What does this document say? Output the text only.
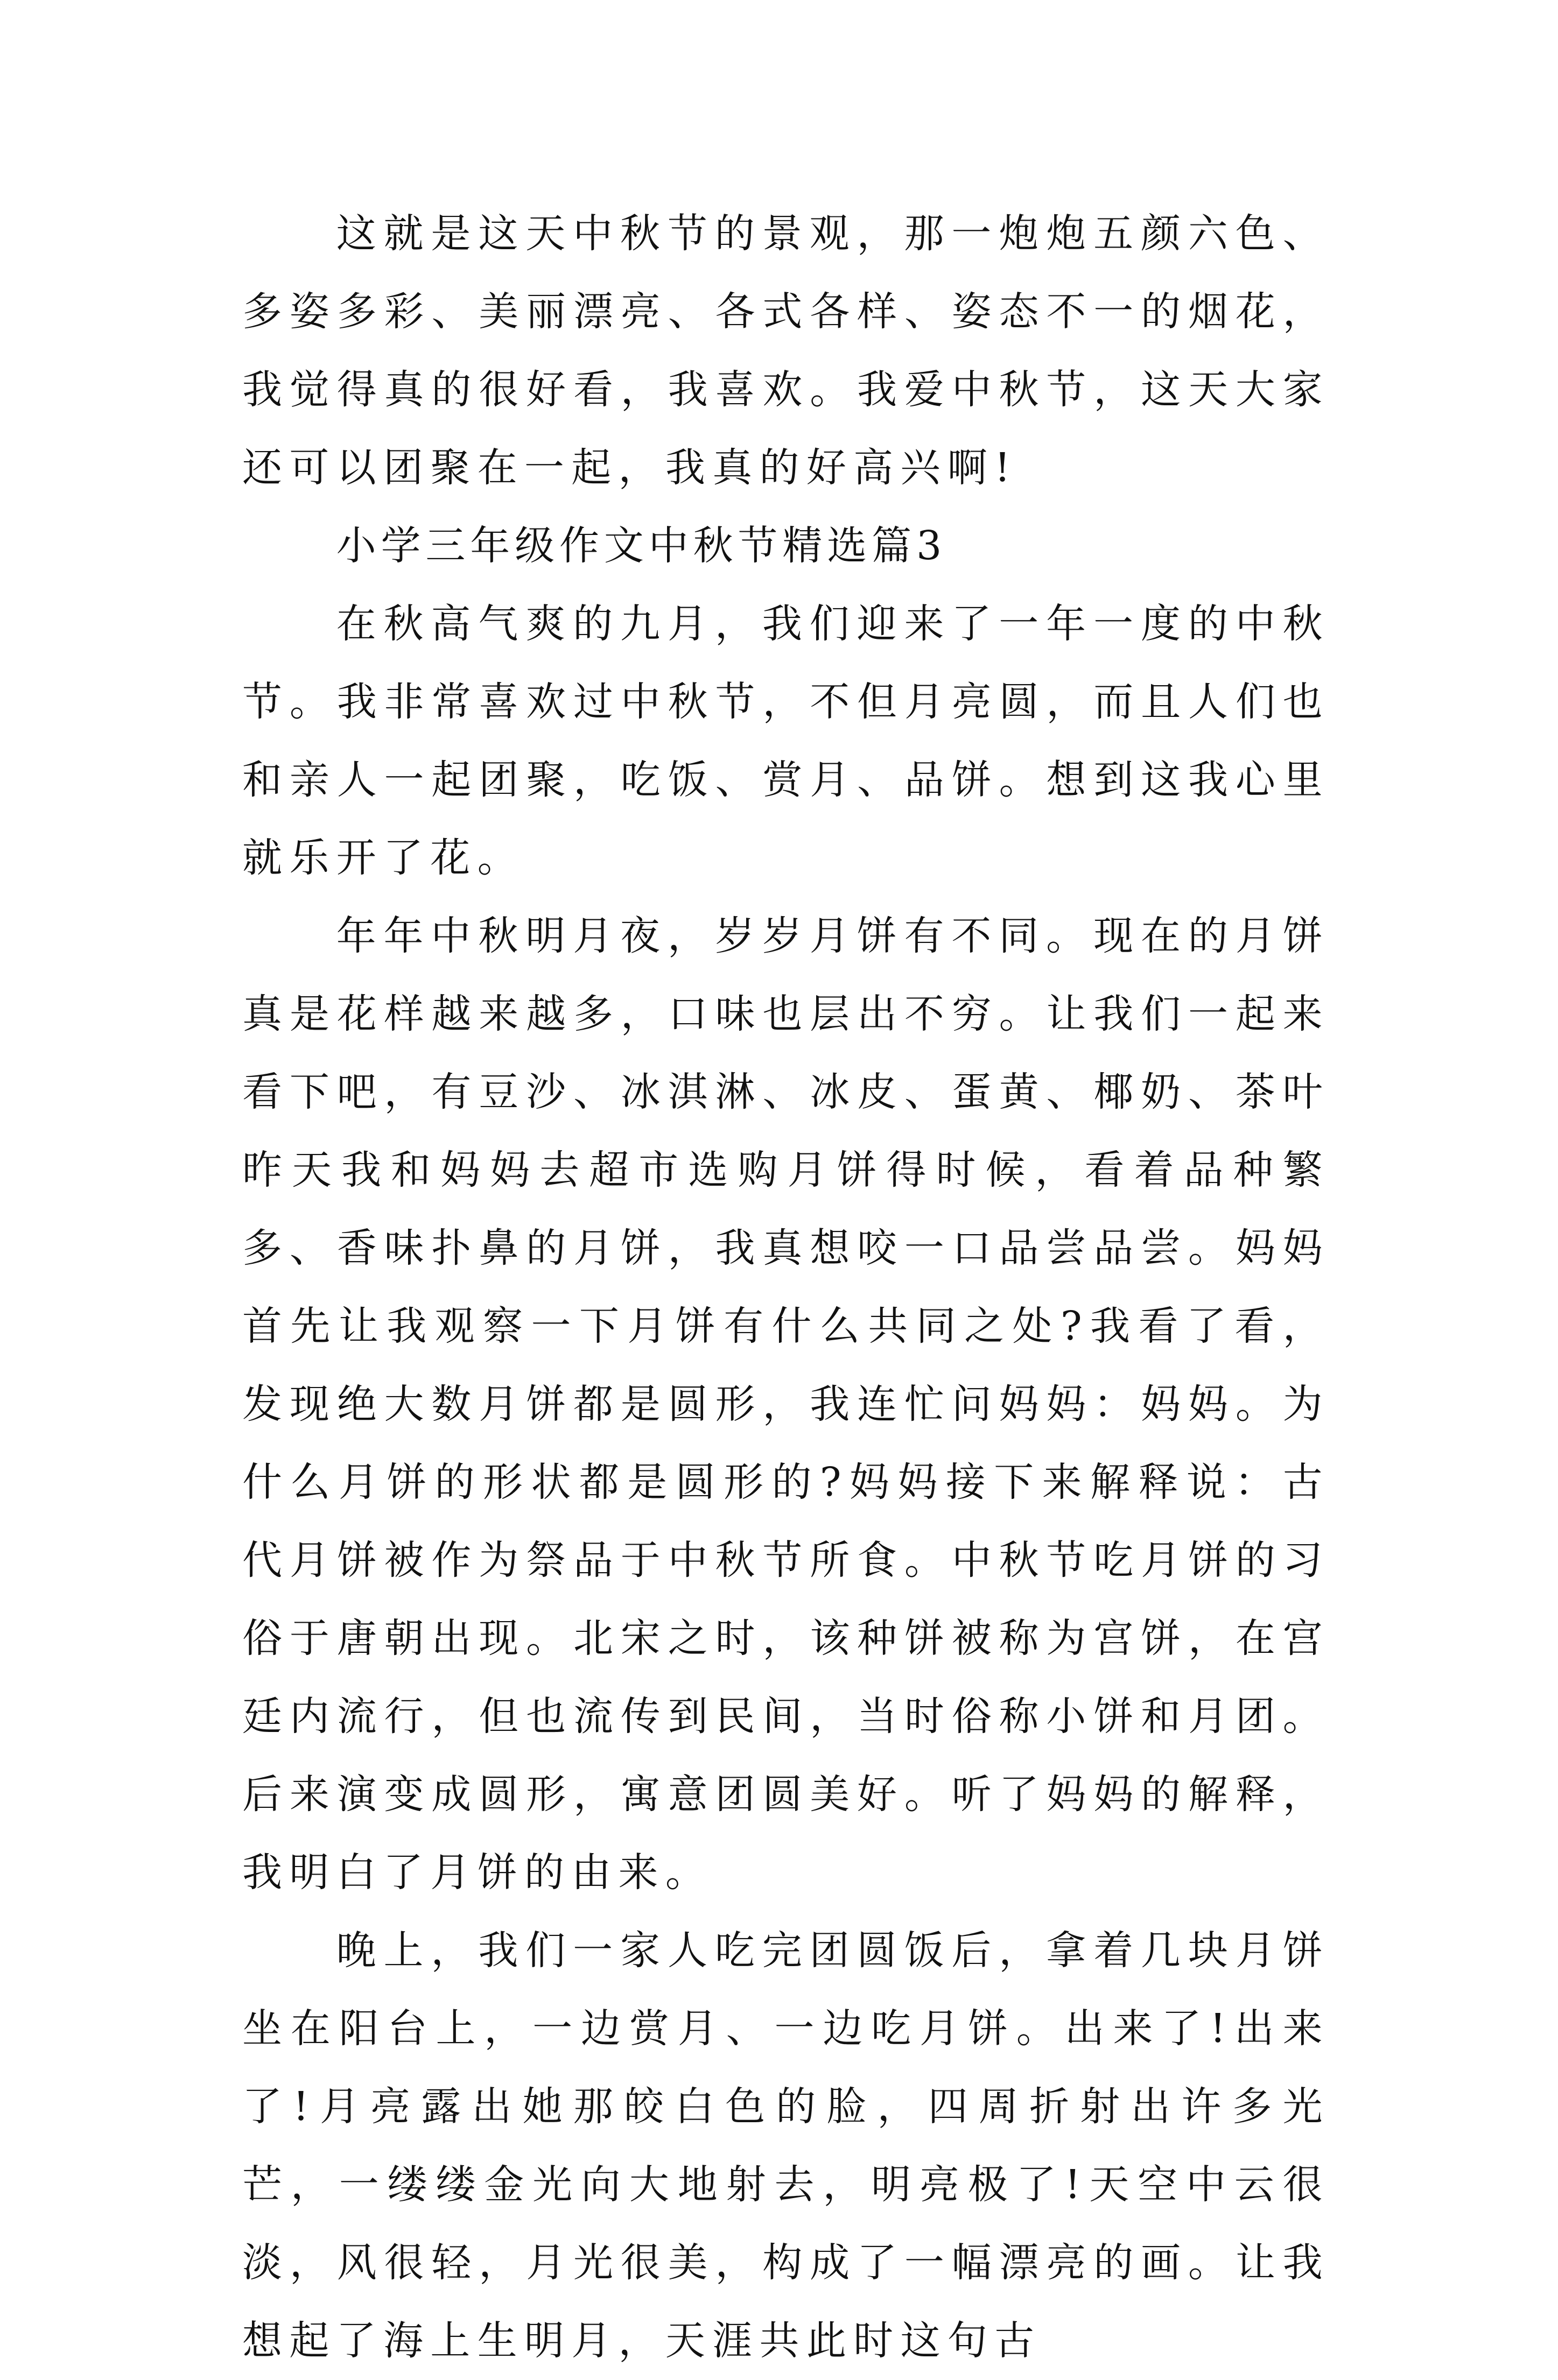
这就是这天中秋节的景观，那一炮炮五颜六色、多姿多彩、美丽漂亮、各式各样、姿态不一的烟花，我觉得真的很好看，我喜欢。我爱中秋节，这天大家还可以团聚在一起，我真的好高兴啊!

小学三年级作文中秋节精选篇3

在秋高气爽的九月，我们迎来了一年一度的中秋节。我非常喜欢过中秋节，不但月亮圆，而且人们也和亲人一起团聚，吃饭、赏月、品饼。想到这我心里就乐开了花。

年年中秋明月夜，岁岁月饼有不同。现在的月饼真是花样越来越多，口味也层出不穷。让我们一起来看下吧，有豆沙、冰淇淋、冰皮、蛋黄、椰奶、茶叶昨天我和妈妈去超市选购月饼得时候，看着品种繁多、香味扑鼻的月饼，我真想咬一口品尝品尝。妈妈首先让我观察一下月饼有什么共同之处?我看了看，发现绝大数月饼都是圆形，我连忙问妈妈：妈妈。为什么月饼的形状都是圆形的?妈妈接下来解释说：古代月饼被作为祭品于中秋节所食。中秋节吃月饼的习俗于唐朝出现。北宋之时，该种饼被称为宫饼，在宫廷内流行，但也流传到民间，当时俗称小饼和月团。后来演变成圆形，寓意团圆美好。听了妈妈的解释，我明白了月饼的由来。

晚上，我们一家人吃完团圆饭后，拿着几块月饼坐在阳台上，一边赏月、一边吃月饼。出来了!出来了!月亮露出她那皎白色的脸，四周折射出许多光芒，一缕缕金光向大地射去，明亮极了!天空中云很淡，风很轻，月光很美，构成了一幅漂亮的画。让我想起了海上生明月，天涯共此时这句古
